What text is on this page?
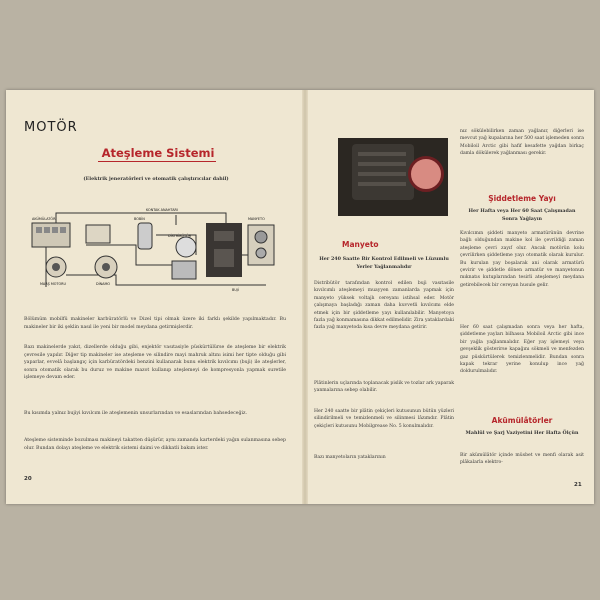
MOTÖR
Ateşleme Sistemi
(Elektrik jeneratörleri ve otomatik çalıştırıcılar dahil)
AKÜMÜLATÖR
MARŞ MOTORU	DİNAMO
BOBİN
DİSTRİBÜTÖR
MANYETO
BUJİ
KONTAK ANAHTARI

Bölümüm mobilfü makineler karbüratörlü ve Dizel tipi olmak üzere iki farklı şekilde yapılmaktadır. Bu makineler bir iki şeklin nasıl ile yeni bir model meydana getirmişlerdir.

Bazı makinelerde yakıt, dizellerde olduğu gibi, enjektör vasıtasiyle püskürtülürse de ateşleme bir elektrik çevresile yapılır. Diğer tip makineler ise ateşleme ve silindire mayi mahruk altını isimi her tipte olduğu gibi yaparlar, evvelâ başlangıç için karbüratördeki benzini kullanarak bunu elektrik kıvılcımı (buji) ile ateşlerler, sonra otomatik olarak bu duruz ve makine mazot kullanıp ateşlemeyi de kompresyonla yapmak suretile işlemeye devam eder.

Bu kısımda yalnız bujiyi kıvılcım ile ateşlemenin unsurlarından ve esaslarından bahsedeceğiz.

Ateşleme sisteminde bozulması makineyi takatten düşürür, aynı zamanda karterdeki yağın sulanmasına sebep olur. Bundan dolayı ateşleme ve elektrik sistemi daimi ve dikkatli bakım ister.

20
Manyeto
Her 240 Saatte Bir Kontrol Edilmeli ve Lüzumlu Yerler Yağlanmalıdır

Distribütör tarafından kontrol edilen buji vasıtasile kıvılcımlı ateşlemeyi muayyen zamanlarda yapmak için manyeto yüksek voltajlı cereyanı istihsal eder. Motör çalışmaya başladığı zaman daha kuvvetli kıvılcımı elde etmek için bir şiddetleme yayı kullanılabilir. Manyetoya fazla yağ konmamasına dikkat edilmelidir. Zira yataklardaki fazla yağ manyetoda kısa devre meydana getirir.

Plâtinlerin uçlarında toplanacak pislik ve tozlar ark yaparak yanmalarına sebep olabilir.

Her 240 saatte bir plâtin çekiçleri kutusunun bütün yüzleri silindirilmeli ve temizlenmeli ve silinmesi lâzımdır. Plâtin çekiçleri kutusunu Mobilgrease No. 5 konulmalıdır.

Bazı manyetoların yataklarının

nız sökülebilirken zaman yağlanır, diğerleri ise mevcut yağ kupalarına her 500 saat işlemeden sonra Mobiloil Arctic gibi hafif kesafette yağdan birkaç damla dökülerek yağlanması gerekir.

Şiddetleme Yayı
Her Hafta veya Her 60 Saat Çalışmadan Sonra Yağlayın

Kıvılcımın şiddeti manyeto armatürünün devrine bağlı olduğundan makine kol ile çevrildiği zaman ateşleme çevri zayıf olur. Ancak motörün kolu çevrilirken şiddetleme yayı otomatik olarak kurulur. Bu kurulan yay boşalarak ani olarak armatürü çevirir ve şiddetle dönen armatür ve manyetonun mıknatıs kutuplarından tesirli ateşlemeyi meydana getirebilecek bir cereyan husule gelir.

Her 60 saat çalışmadan sonra veya her hafta, şiddetleme yayları bilhassa Mobiloil Arctic gibi ince bir yağla yağlanmalıdır. Eğer yay işlemeyi veya gevşeklik gösterirse kapağını sökmeli ve menfezden gaz püskürtülerek temizlenmelidir. Bundan sonra kapak tekrar yerine konulup ince yağ doldurulmalıdır.

Akümülâtörler
Mahlûl ve Şarj Vaziyetini Her Hafta Ölçün

Bir akümülâtör içinde müsbet ve menfi olarak asit plâkalarla elektro-

21
